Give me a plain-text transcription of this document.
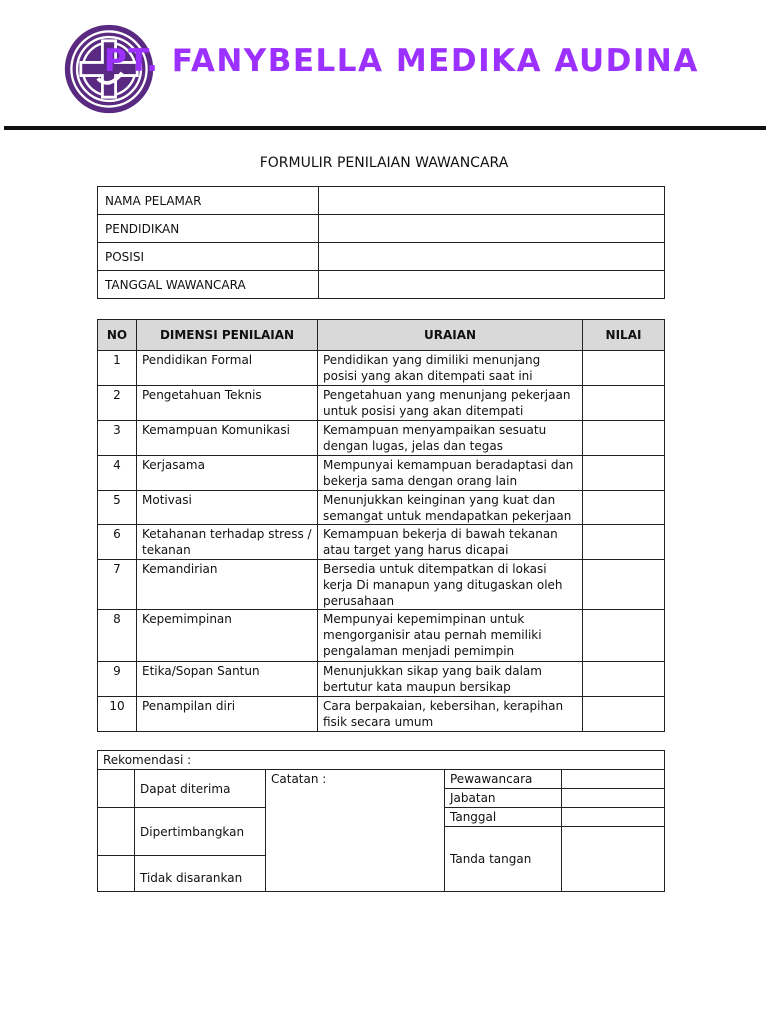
PT. FANYBELLA MEDIKA AUDINA
FORMULIR PENILAIAN WAWANCARA
NAMA PELAMAR	
PENDIDIKAN	
POSISI	
TANGGAL WAWANCARA	
NO	DIMENSI PENILAIAN	URAIAN	NILAI
1	Pendidikan Formal	Pendidikan yang dimiliki menunjang posisi yang akan ditempati saat ini	
2	Pengetahuan Teknis	Pengetahuan yang menunjang pekerjaan untuk posisi yang akan ditempati	
3	Kemampuan Komunikasi	Kemampuan menyampaikan sesuatu dengan lugas, jelas dan tegas	
4	Kerjasama	Mempunyai kemampuan beradaptasi dan bekerja sama dengan orang lain	
5	Motivasi	Menunjukkan keinginan yang kuat dan semangat untuk mendapatkan pekerjaan	
6	Ketahanan terhadap stress / tekanan	Kemampuan bekerja di bawah tekanan atau target yang harus dicapai	
7	Kemandirian	Bersedia untuk ditempatkan di lokasi kerja Di manapun yang ditugaskan oleh perusahaan	
8	Kepemimpinan	Mempunyai kepemimpinan untuk mengorganisir atau pernah memiliki pengalaman menjadi pemimpin	
9	Etika/Sopan Santun	Menunjukkan sikap yang baik dalam bertutur kata maupun bersikap	
10	Penampilan diri	Cara berpakaian, kebersihan, kerapihan fisik secara umum	
Rekomendasi :				
	Dapat diterima	Catatan :	Pewawancara	
			Jabatan	
	Dipertimbangkan		Tanggal	
			Tanda tangan	
	Tidak disarankan			
